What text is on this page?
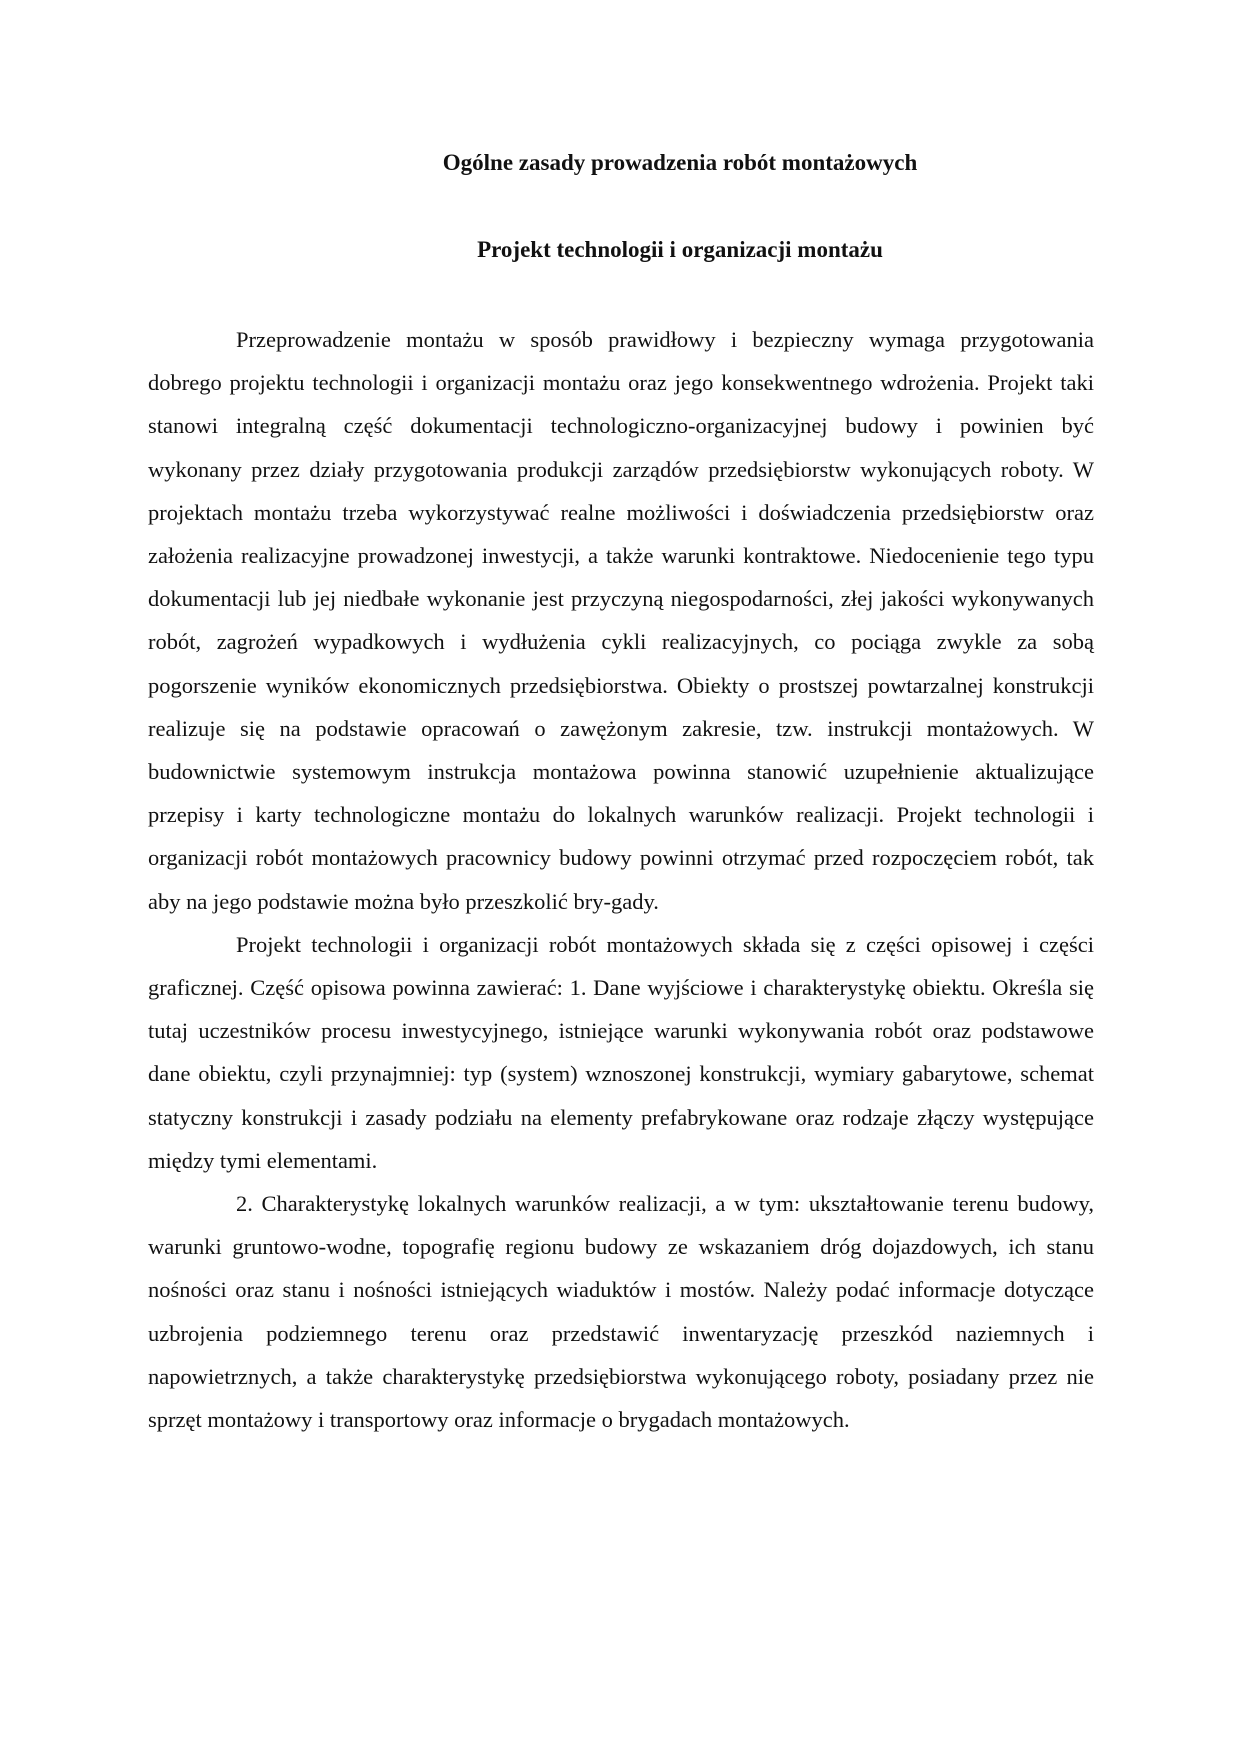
Ogólne zasady prowadzenia robót montażowych
Projekt technologii i organizacji montażu

Przeprowadzenie montażu w sposób prawidłowy i bezpieczny wymaga przygotowania dobrego projektu technologii i organizacji montażu oraz jego konsekwentnego wdrożenia. Projekt taki stanowi integralną część dokumentacji technologiczno-organizacyjnej budowy i powinien być wykonany przez działy przygotowania produkcji zarządów przedsiębiorstw wykonujących roboty. W projektach montażu trzeba wykorzystywać realne możliwości i doświadczenia przedsiębiorstw oraz założenia realizacyjne prowadzonej inwestycji, a także warunki kontraktowe. Niedocenienie tego typu dokumentacji lub jej niedbałe wykonanie jest przyczyną niegospodarności, złej jakości wykonywanych robót, zagrożeń wypadkowych i wydłużenia cykli realizacyjnych, co pociąga zwykle za sobą pogorszenie wyników ekonomicznych przedsiębiorstwa. Obiekty o prostszej powtarzalnej konstrukcji realizuje się na podstawie opracowań o zawężonym zakresie, tzw. instrukcji montażowych. W budownictwie systemowym instrukcja montażowa powinna stanowić uzupełnienie aktualizujące przepisy i karty technologiczne montażu do lokalnych warunków realizacji. Projekt technologii i organizacji robót montażowych pracownicy budowy powinni otrzymać przed rozpoczęciem robót, tak aby na jego podstawie można było przeszkolić bry-gady.

Projekt technologii i organizacji robót montażowych składa się z części opisowej i części graficznej. Część opisowa powinna zawierać: 1. Dane wyjściowe i charakterystykę obiektu. Określa się tutaj uczestników procesu inwestycyjnego, istniejące warunki wykonywania robót oraz podstawowe dane obiektu, czyli przynajmniej: typ (system) wznoszonej konstrukcji, wymiary gabarytowe, schemat statyczny konstrukcji i zasady podziału na elementy prefabrykowane oraz rodzaje złączy występujące między tymi elementami.

2. Charakterystykę lokalnych warunków realizacji, a w tym: ukształtowanie terenu budowy, warunki gruntowo-wodne, topografię regionu budowy ze wskazaniem dróg dojazdowych, ich stanu nośności oraz stanu i nośności istniejących wiaduktów i mostów. Należy podać informacje dotyczące uzbrojenia podziemnego terenu oraz przedstawić inwentaryzację przeszkód naziemnych i napowietrznych, a także charakterystykę przedsiębiorstwa wykonującego roboty, posiadany przez nie sprzęt montażowy i transportowy oraz informacje o brygadach montażowych.
